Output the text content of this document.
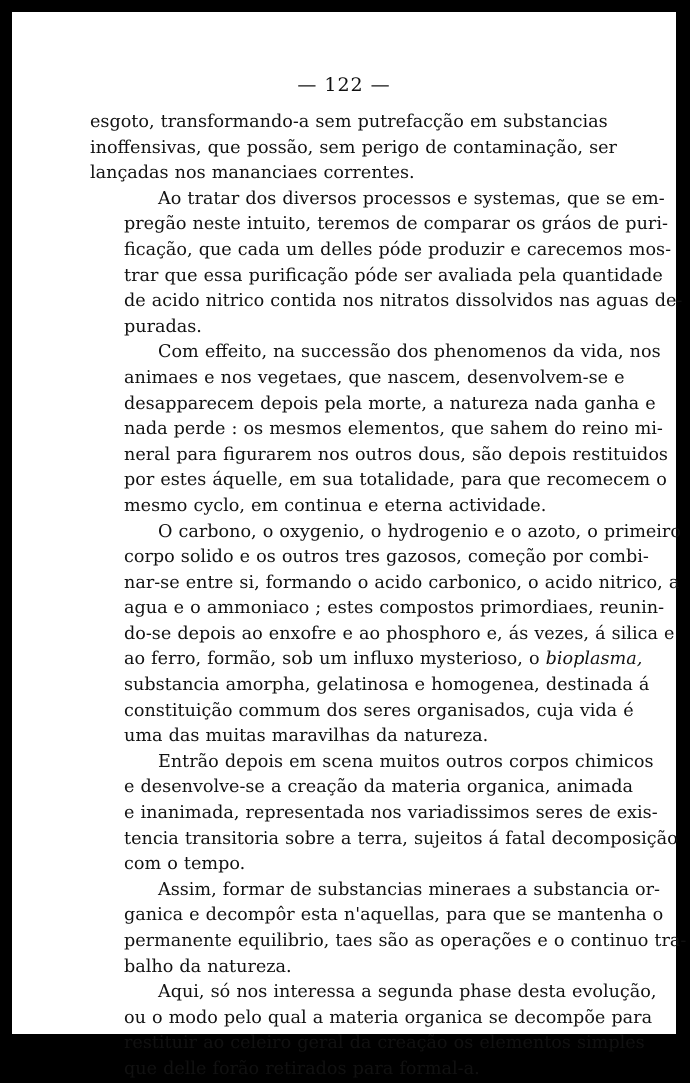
— 122 —

esgoto, transformando-a sem putrefacção em substancias
inoffensivas, que possão, sem perigo de contaminação, ser
lançadas nos mananciaes correntes.

Ao tratar dos diversos processos e systemas, que se em-
pregão neste intuito, teremos de comparar os gráos de puri-
ficação, que cada um delles póde produzir e carecemos mos-
trar que essa purificação póde ser avaliada pela quantidade
de acido nitrico contida nos nitratos dissolvidos nas aguas de-
puradas.

Com effeito, na successão dos phenomenos da vida, nos
animaes e nos vegetaes, que nascem, desenvolvem-se e
desapparecem depois pela morte, a natureza nada ganha e
nada perde : os mesmos elementos, que sahem do reino mi-
neral para figurarem nos outros dous, são depois restituidos
por estes áquelle, em sua totalidade, para que recomecem o
mesmo cyclo, em continua e eterna actividade.

O carbono, o oxygenio, o hydrogenio e o azoto, o primeiro
corpo solido e os outros tres gazosos, começão por combi-
nar-se entre si, formando o acido carbonico, o acido nitrico, a
agua e o ammoniaco ; estes compostos primordiaes, reunin-
do-se depois ao enxofre e ao phosphoro e, ás vezes, á silica e
ao ferro, formão, sob um influxo mysterioso, o bioplasma,
substancia amorpha, gelatinosa e homogenea, destinada á
constituição commum dos seres organisados, cuja vida é
uma das muitas maravilhas da natureza.

Entrão depois em scena muitos outros corpos chimicos
e desenvolve-se a creação da materia organica, animada
e inanimada, representada nos variadissimos seres de exis-
tencia transitoria sobre a terra, sujeitos á fatal decomposição
com o tempo.

Assim, formar de substancias mineraes a substancia or-
ganica e decompôr esta n'aquellas, para que se mantenha o
permanente equilibrio, taes são as operações e o continuo tra-
balho da natureza.

Aqui, só nos interessa a segunda phase desta evolução,
ou o modo pelo qual a materia organica se decompõe para
restituir ao celeiro geral da creação os elementos simples
que delle forão retirados para formal-a.
